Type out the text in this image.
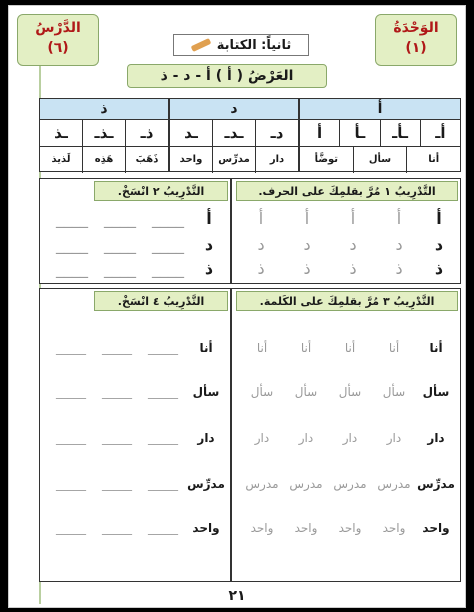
الدَّرْسُ
(٦)
الوَحْدَةُ
(١)
ثانياً: الكتابة
العَرْضُ ( أ ) أ - د - ذ
أ
أـ
ـأـ
ـأ
أ
أنا
سأل
توضَّأ
د
دـ
ـدـ
ـد
دار
مدرِّس
واحد
ذ
ذـ
ـذـ
ـذ
ذَهَبَ
هَذِه
لَذيذ
التَّدْرِيبُ ١ مُرَّ بقلمِكَ على الحرف.
أ
أ
أ
أ
أ
د
د
د
د
د
ذ
ذ
ذ
ذ
ذ
التَّدْرِيبُ ٢ انْسَخْ.
أ
____
____
____
د
____
____
____
ذ
____
____
____
التَّدْرِيبُ ٣ مُرَّ بقلمِكَ على الكَلمة.
أنا
أنا
أنا
أنا
أنا
سأل
سأل
سأل
سأل
سأل
دار
دار
دار
دار
دار
مدرِّس
مدرس
مدرس
مدرس
مدرس
واحد
واحد
واحد
واحد
واحد
التَّدْرِيبُ ٤ انْسَخْ.
أنا
_____
_____
_____
سأل
_____
_____
_____
دار
_____
_____
_____
مدرِّس
_____
_____
_____
واحد
_____
_____
_____
٢١
